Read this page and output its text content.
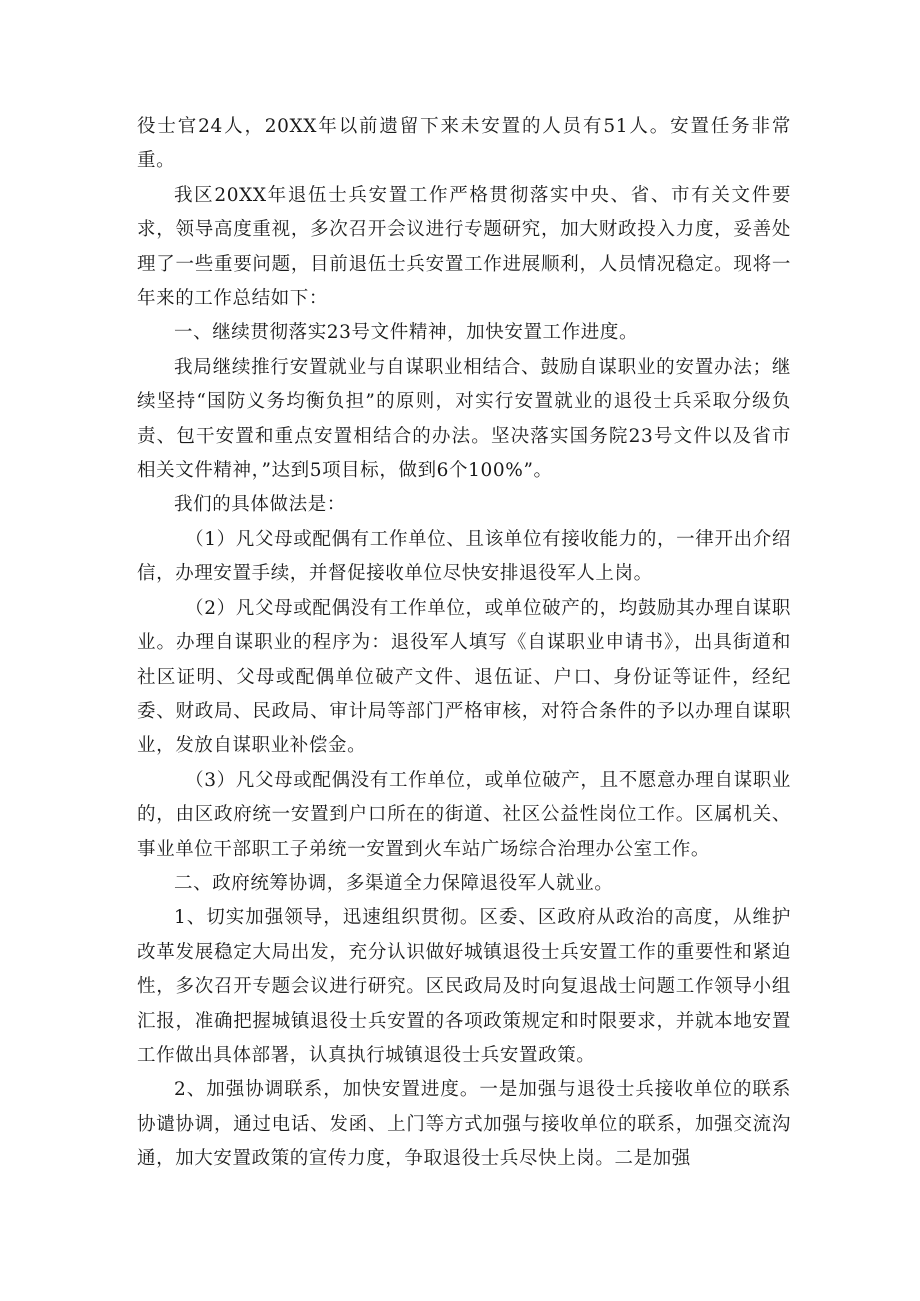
役士官24人，20XX年以前遗留下来未安置的人员有51人。安置任务非常重。

我区20XX年退伍士兵安置工作严格贯彻落实中央、省、市有关文件要求，领导高度重视，多次召开会议进行专题研究，加大财政投入力度，妥善处理了一些重要问题，目前退伍士兵安置工作进展顺利，人员情况稳定。现将一年来的工作总结如下：

一、继续贯彻落实23号文件精神，加快安置工作进度。

我局继续推行安置就业与自谋职业相结合、鼓励自谋职业的安置办法；继续坚持“国防义务均衡负担”的原则，对实行安置就业的退役士兵采取分级负责、包干安置和重点安置相结合的办法。坚决落实国务院23号文件以及省市相关文件精神，”达到5项目标，做到6个100%”。

我们的具体做法是：

（1）凡父母或配偶有工作单位、且该单位有接收能力的，一律开出介绍信，办理安置手续，并督促接收单位尽快安排退役军人上岗。

（2）凡父母或配偶没有工作单位，或单位破产的，均鼓励其办理自谋职业。办理自谋职业的程序为：退役军人填写《自谋职业申请书》，出具街道和社区证明、父母或配偶单位破产文件、退伍证、户口、身份证等证件，经纪委、财政局、民政局、审计局等部门严格审核，对符合条件的予以办理自谋职业，发放自谋职业补偿金。

（3）凡父母或配偶没有工作单位，或单位破产，且不愿意办理自谋职业的，由区政府统一安置到户口所在的街道、社区公益性岗位工作。区属机关、事业单位干部职工子弟统一安置到火车站广场综合治理办公室工作。

二、政府统筹协调，多渠道全力保障退役军人就业。

1、切实加强领导，迅速组织贯彻。区委、区政府从政治的高度，从维护改革发展稳定大局出发，充分认识做好城镇退役士兵安置工作的重要性和紧迫性，多次召开专题会议进行研究。区民政局及时向复退战士问题工作领导小组汇报，准确把握城镇退役士兵安置的各项政策规定和时限要求，并就本地安置工作做出具体部署，认真执行城镇退役士兵安置政策。

2、加强协调联系，加快安置进度。一是加强与退役士兵接收单位的联系协谴协调，通过电话、发函、上门等方式加强与接收单位的联系，加强交流沟通，加大安置政策的宣传力度，争取退役士兵尽快上岗。二是加强
